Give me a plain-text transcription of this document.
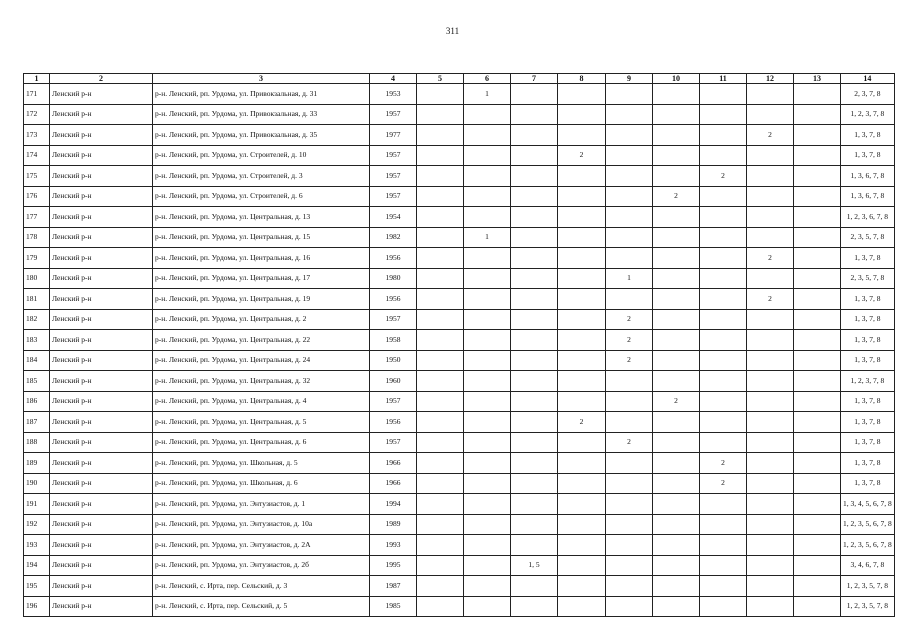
311
1	2	3	4	5	6	7	8	9	10	11	12	13	14
171	Ленский р-н	р-н. Ленский, рп. Урдома, ул. Привокзальная, д. 31	1953		1								2, 3, 7, 8
172	Ленский р-н	р-н. Ленский, рп. Урдома, ул. Привокзальная, д. 33	1957										1, 2, 3, 7, 8
173	Ленский р-н	р-н. Ленский, рп. Урдома, ул. Привокзальная, д. 35	1977								2		1, 3, 7, 8
174	Ленский р-н	р-н. Ленский, рп. Урдома, ул. Строителей, д. 10	1957				2						1, 3, 7, 8
175	Ленский р-н	р-н. Ленский, рп. Урдома, ул. Строителей, д. 3	1957							2			1, 3, 6, 7, 8
176	Ленский р-н	р-н. Ленский, рп. Урдома, ул. Строителей, д. 6	1957						2				1, 3, 6, 7, 8
177	Ленский р-н	р-н. Ленский, рп. Урдома, ул. Центральная, д. 13	1954										1, 2, 3, 6, 7, 8
178	Ленский р-н	р-н. Ленский, рп. Урдома, ул. Центральная, д. 15	1982		1								2, 3, 5, 7, 8
179	Ленский р-н	р-н. Ленский, рп. Урдома, ул. Центральная, д. 16	1956								2		1, 3, 7, 8
180	Ленский р-н	р-н. Ленский, рп. Урдома, ул. Центральная, д. 17	1980					1					2, 3, 5, 7, 8
181	Ленский р-н	р-н. Ленский, рп. Урдома, ул. Центральная, д. 19	1956								2		1, 3, 7, 8
182	Ленский р-н	р-н. Ленский, рп. Урдома, ул. Центральная, д. 2	1957					2					1, 3, 7, 8
183	Ленский р-н	р-н. Ленский, рп. Урдома, ул. Центральная, д. 22	1958					2					1, 3, 7, 8
184	Ленский р-н	р-н. Ленский, рп. Урдома, ул. Центральная, д. 24	1950					2					1, 3, 7, 8
185	Ленский р-н	р-н. Ленский, рп. Урдома, ул. Центральная, д. 32	1960										1, 2, 3, 7, 8
186	Ленский р-н	р-н. Ленский, рп. Урдома, ул. Центральная, д. 4	1957						2				1, 3, 7, 8
187	Ленский р-н	р-н. Ленский, рп. Урдома, ул. Центральная, д. 5	1956				2						1, 3, 7, 8
188	Ленский р-н	р-н. Ленский, рп. Урдома, ул. Центральная, д. 6	1957					2					1, 3, 7, 8
189	Ленский р-н	р-н. Ленский, рп. Урдома, ул. Школьная, д. 5	1966							2			1, 3, 7, 8
190	Ленский р-н	р-н. Ленский, рп. Урдома, ул. Школьная, д. 6	1966							2			1, 3, 7, 8
191	Ленский р-н	р-н. Ленский, рп. Урдома, ул. Энтузиастов, д. 1	1994										1, 3, 4, 5, 6, 7, 8
192	Ленский р-н	р-н. Ленский, рп. Урдома, ул. Энтузиастов, д. 10а	1989										1, 2, 3, 5, 6, 7, 8
193	Ленский р-н	р-н. Ленский, рп. Урдома, ул. Энтузиастов, д. 2А	1993										1, 2, 3, 5, 6, 7, 8
194	Ленский р-н	р-н. Ленский, рп. Урдома, ул. Энтузиастов, д. 2б	1995			1, 5							3, 4, 6, 7, 8
195	Ленский р-н	р-н. Ленский, с. Ирта, пер. Сельский, д. 3	1987										1, 2, 3, 5, 7, 8
196	Ленский р-н	р-н. Ленский, с. Ирта, пер. Сельский, д. 5	1985										1, 2, 3, 5, 7, 8
